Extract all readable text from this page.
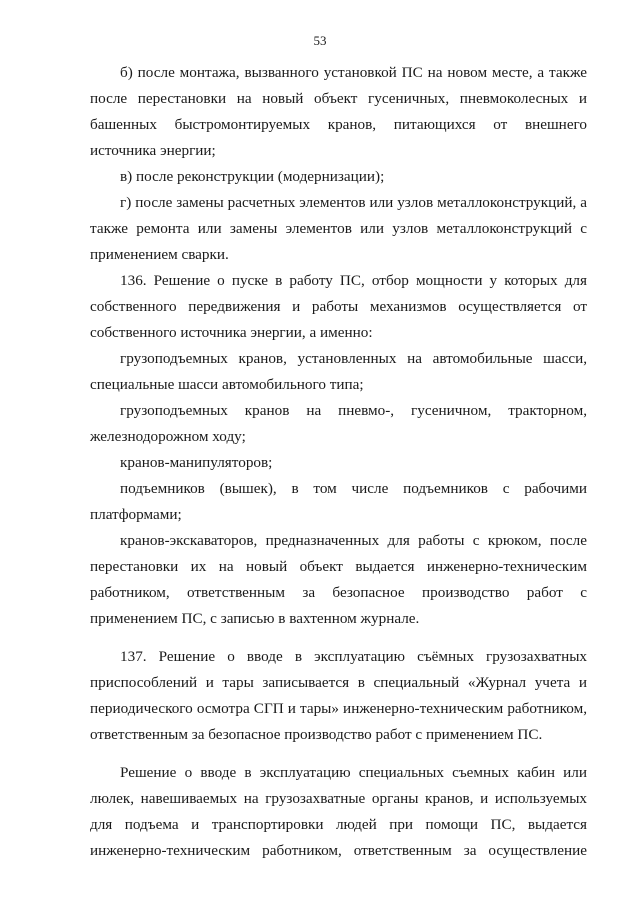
53

б) после монтажа, вызванного установкой ПС на новом месте, а также после перестановки на новый объект гусеничных, пневмоколесных и башенных быстромонтируемых кранов, питающихся от внешнего источника энергии;

в) после реконструкции (модернизации);

г) после замены расчетных элементов или узлов металлоконструкций, а также ремонта или замены элементов или узлов металлоконструкций с применением сварки.

136. Решение о пуске в работу ПС, отбор мощности у которых для собственного передвижения и работы механизмов осуществляется от собственного источника энергии, а именно:

грузоподъемных кранов, установленных на автомобильные шасси, специальные шасси автомобильного типа;

грузоподъемных кранов на пневмо-, гусеничном, тракторном, железнодорожном ходу;

кранов-манипуляторов;

подъемников (вышек), в том числе подъемников с рабочими платформами;

кранов-экскаваторов, предназначенных для работы с крюком, после перестановки их на новый объект выдается инженерно-техническим работником, ответственным за безопасное производство работ с применением ПС, с записью в вахтенном журнале.

137. Решение о вводе в эксплуатацию съёмных грузозахватных приспособлений и тары записывается в специальный «Журнал учета и периодического осмотра СГП и тары» инженерно-техническим работником, ответственным за безопасное производство работ с применением ПС.

Решение о вводе в эксплуатацию специальных съемных кабин или люлек, навешиваемых на грузозахватные органы кранов, и используемых для подъема и транспортировки людей при помощи ПС, выдается инженерно-техническим работником, ответственным за осуществление
